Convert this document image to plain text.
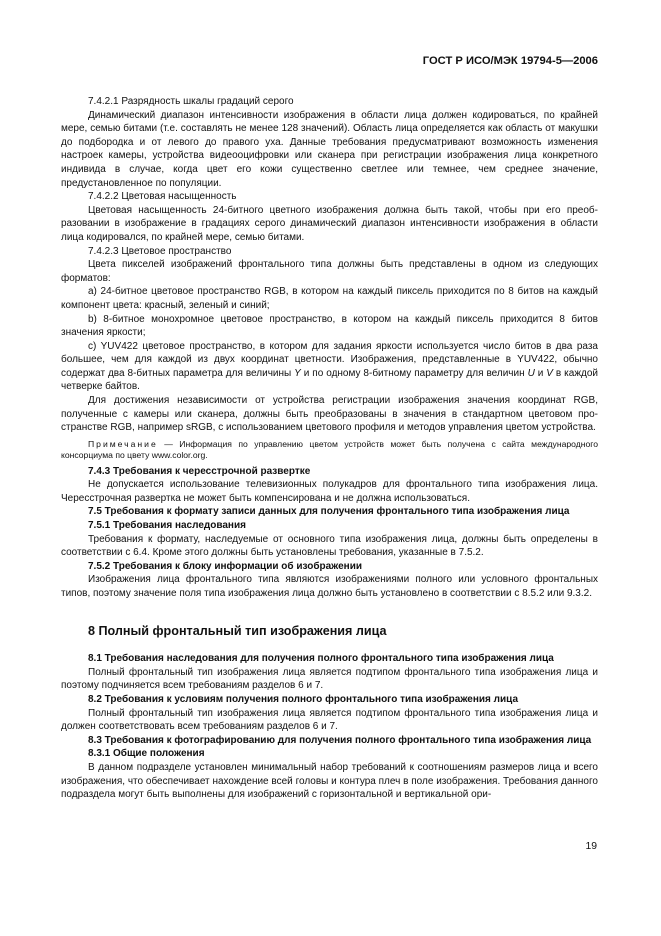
ГОСТ Р ИСО/МЭК 19794-5—2006

7.4.2.1 Разрядность шкалы градаций серого

Динамический диапазон интенсивности изображения в области лица должен кодироваться, по крайней мере, семью битами (т.е. составлять не менее 128 значений). Область лица определяется как область от макушки до подбородка и от левого до правого уха. Данные требования предусматривают возможность изменения настроек камеры, устройства видеооцифровки или сканера при регистрации изображения лица конкретного индивида в случае, когда цвет его кожи существенно светлее или темнее, чем среднее значение, предустановленное по популяции.

7.4.2.2 Цветовая насыщенность

Цветовая насыщенность 24-битного цветного изображения должна быть такой, чтобы при его преобразовании в изображение в градациях серого динамический диапазон интенсивности изображения в области лица кодировался, по крайней мере, семью битами.

7.4.2.3 Цветовое пространство

Цвета пикселей изображений фронтального типа должны быть представлены в одном из следующих форматов:

a) 24-битное цветовое пространство RGB, в котором на каждый пиксель приходится по 8 битов на каждый компонент цвета: красный, зеленый и синий;

b) 8-битное монохромное цветовое пространство, в котором на каждый пиксель приходится 8 битов значения яркости;

c) YUV422 цветовое пространство, в котором для задания яркости используется число битов в два раза большее, чем для каждой из двух координат цветности. Изображения, представленные в YUV422, обычно содержат два 8-битных параметра для величины Y и по одному 8-битному параметру для величин U и V в каждой четверке байтов.

Для достижения независимости от устройства регистрации изображения значения координат RGB, полученные с камеры или сканера, должны быть преобразованы в значения в стандартном цветовом пространстве RGB, например sRGB, с использованием цветового профиля и методов управления цветом устройства.

Примечание — Информация по управлению цветом устройств может быть получена с сайта международного консорциума по цвету www.color.org.

7.4.3 Требования к чересстрочной развертке

Не допускается использование телевизионных полукадров для фронтального типа изображения лица. Чересстрочная развертка не может быть компенсирована и не должна использоваться.

7.5 Требования к формату записи данных для получения фронтального типа изображения лица

7.5.1 Требования наследования

Требования к формату, наследуемые от основного типа изображения лица, должны быть определены в соответствии с 6.4. Кроме этого должны быть установлены требования, указанные в 7.5.2.

7.5.2 Требования к блоку информации об изображении

Изображения лица фронтального типа являются изображениями полного или условного фронтальных типов, поэтому значение поля типа изображения лица должно быть установлено в соответствии с 8.5.2 или 9.3.2.

8 Полный фронтальный тип изображения лица

8.1 Требования наследования для получения полного фронтального типа изображения лица

Полный фронтальный тип изображения лица является подтипом фронтального типа изображения лица и поэтому подчиняется всем требованиям разделов 6 и 7.

8.2 Требования к условиям получения полного фронтального типа изображения лица

Полный фронтальный тип изображения лица является подтипом фронтального типа изображения лица и должен соответствовать всем требованиям разделов 6 и 7.

8.3 Требования к фотографированию для получения полного фронтального типа изображения лица

8.3.1 Общие положения

В данном подразделе установлен минимальный набор требований к соотношениям размеров лица и всего изображения, что обеспечивает нахождение всей головы и контура плеч в поле изображения. Требования данного подраздела могут быть выполнены для изображений с горизонтальной и вертикальной ори-

19
